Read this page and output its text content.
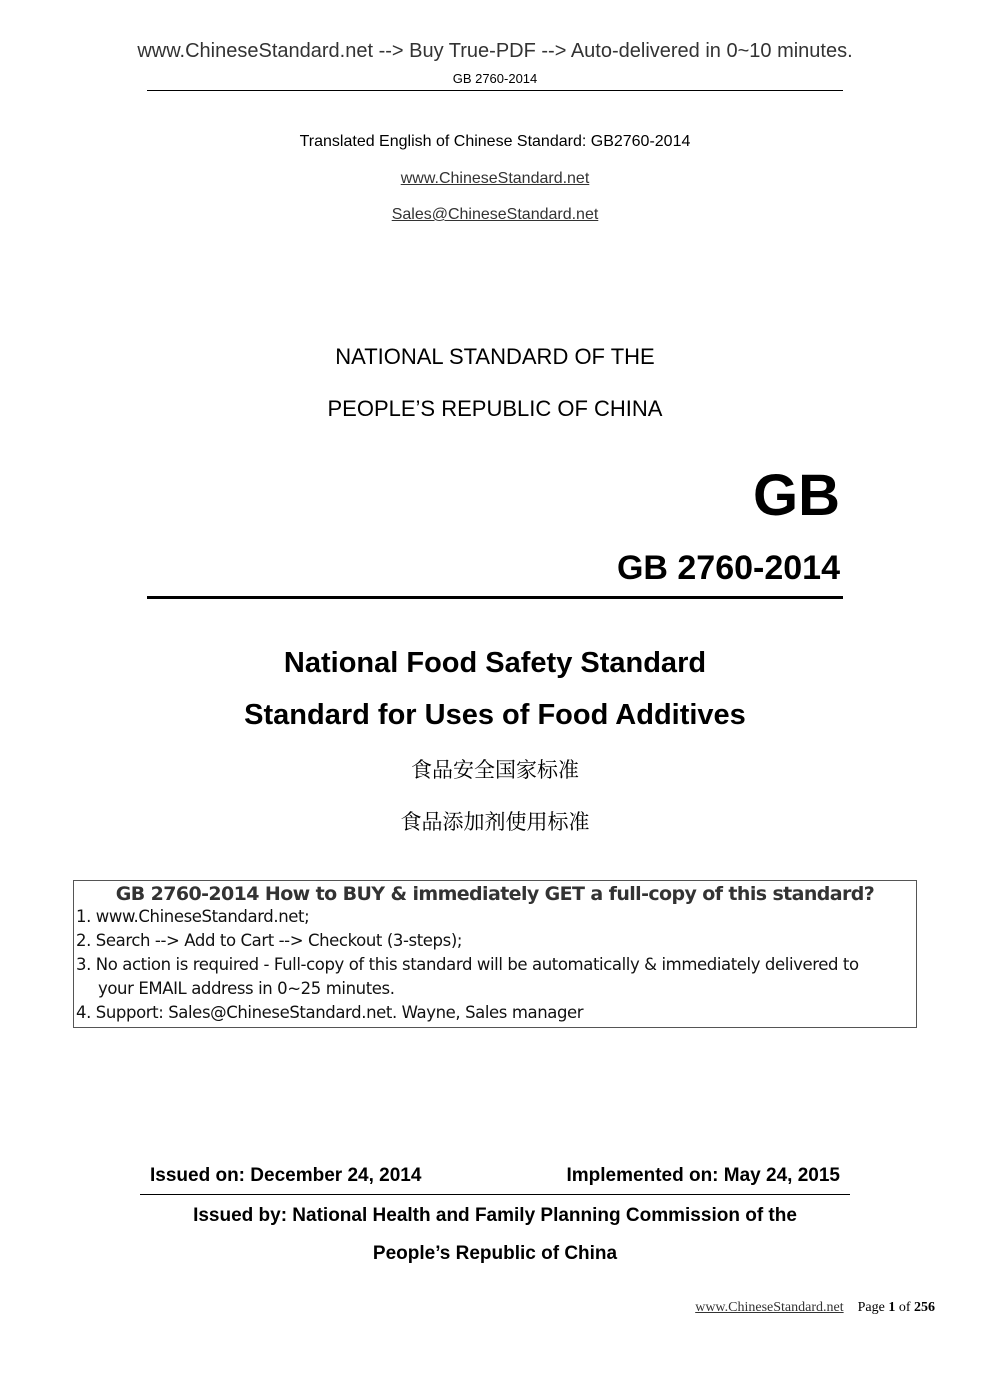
www.ChineseStandard.net --> Buy True-PDF --> Auto-delivered in 0~10 minutes.
GB 2760-2014
Translated English of Chinese Standard: GB2760-2014
www.ChineseStandard.net
Sales@ChineseStandard.net
NATIONAL STANDARD OF THE
PEOPLE’S REPUBLIC OF CHINA
GB
GB 2760-2014
National Food Safety Standard
Standard for Uses of Food Additives
食品安全国家标准
食品添加剂使用标准
GB 2760-2014 How to BUY & immediately GET a full-copy of this standard?
1. www.ChineseStandard.net;
2. Search --> Add to Cart --> Checkout (3-steps);
3. No action is required - Full-copy of this standard will be automatically & immediately delivered to
your EMAIL address in 0~25 minutes.
4. Support: Sales@ChineseStandard.net. Wayne, Sales manager
Issued on: December 24, 2014	Implemented on: May 24, 2015
Issued by: National Health and Family Planning Commission of the
People’s Republic of China
www.ChineseStandard.net Page 1 of 256
